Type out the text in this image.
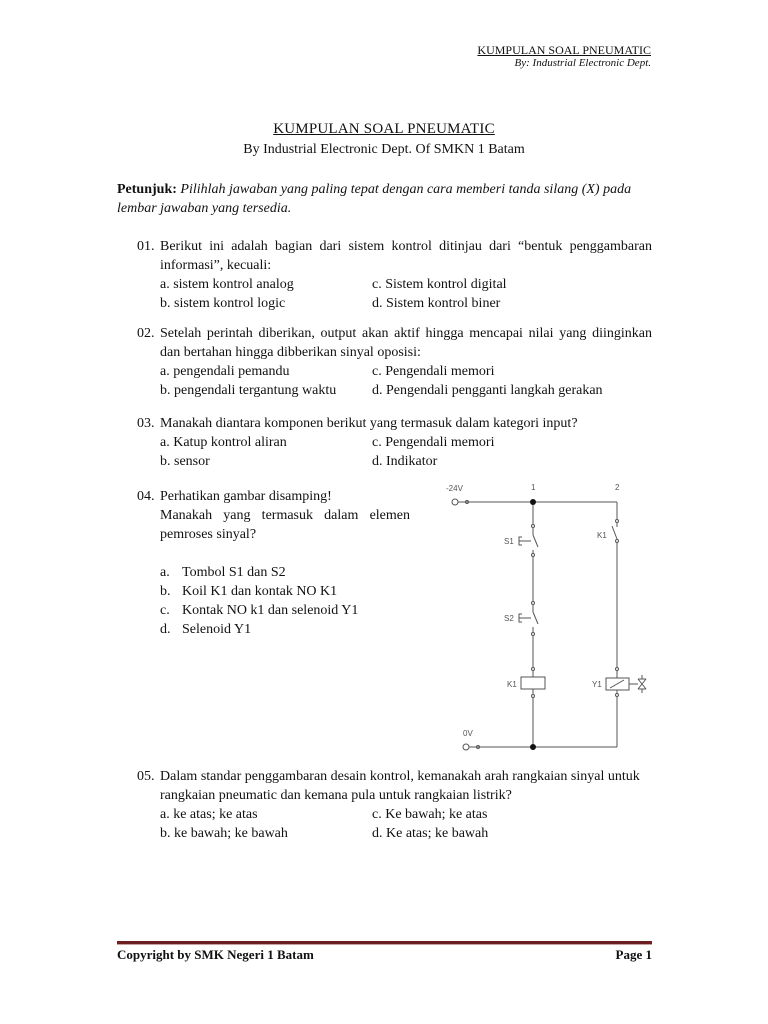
KUMPULAN SOAL PNEUMATIC
By: Industrial Electronic Dept.
KUMPULAN SOAL PNEUMATIC
By Industrial Electronic Dept. Of SMKN 1 Batam
Petunjuk: Pilihlah jawaban yang paling tepat dengan cara memberi tanda silang (X) pada lembar jawaban yang tersedia.
01. Berikut ini adalah bagian dari sistem kontrol ditinjau dari “bentuk penggambaran informasi”, kecuali:
a. sistem kontrol analog	c. Sistem kontrol digital
b. sistem kontrol logic	d. Sistem kontrol biner
02. Setelah perintah diberikan, output akan aktif hingga mencapai nilai yang diinginkan dan bertahan hingga dibberikan sinyal oposisi:
a. pengendali pemandu	c. Pengendali memori
b. pengendali tergantung waktu	d. Pengendali pengganti langkah gerakan
03. Manakah diantara komponen berikut yang termasuk dalam kategori input?
a. Katup kontrol aliran	c. Pengendali memori
b. sensor	d. Indikator
04. Perhatikan gambar disamping!
Manakah yang termasuk dalam elemen pemroses sinyal?
a. Tombol S1 dan S2
b. Koil K1 dan kontak NO K1
c. Kontak NO k1 dan selenoid Y1
d. Selenoid Y1
-24V	1	2
S1
S2
K1
K1	Y1
0V
05. Dalam standar penggambaran desain kontrol, kemanakah arah rangkaian sinyal untuk rangkaian pneumatic dan kemana pula untuk rangkaian listrik?
a. ke atas; ke atas	c. Ke bawah; ke atas
b. ke bawah; ke bawah	d. Ke atas; ke bawah
Copyright by SMK Negeri 1 Batam	Page 1
